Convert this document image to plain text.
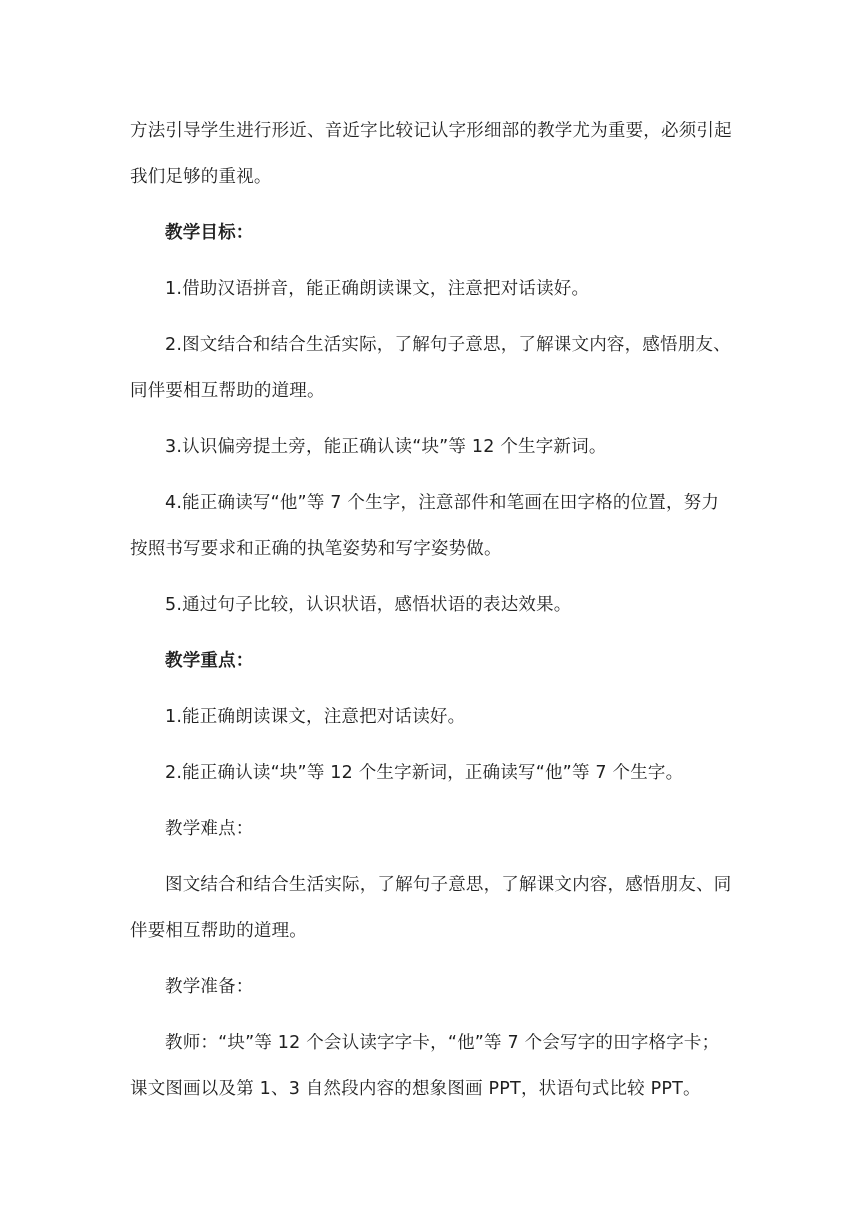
方法引导学生进行形近、音近字比较记认字形细部的教学尤为重要，必须引起我们足够的重视。

教学目标：

1.借助汉语拼音，能正确朗读课文，注意把对话读好。

2.图文结合和结合生活实际，了解句子意思，了解课文内容，感悟朋友、同伴要相互帮助的道理。

3.认识偏旁提土旁，能正确认读“块”等 12 个生字新词。

4.能正确读写“他”等 7 个生字，注意部件和笔画在田字格的位置，努力按照书写要求和正确的执笔姿势和写字姿势做。

5.通过句子比较，认识状语，感悟状语的表达效果。

教学重点：

1.能正确朗读课文，注意把对话读好。

2.能正确认读“块”等 12 个生字新词，正确读写“他”等 7 个生字。

教学难点：

图文结合和结合生活实际，了解句子意思，了解课文内容，感悟朋友、同伴要相互帮助的道理。

教学准备：

教师：“块”等 12 个会认读字字卡，“他”等 7 个会写字的田字格字卡；课文图画以及第 1、3 自然段内容的想象图画 PPT，状语句式比较 PPT。
